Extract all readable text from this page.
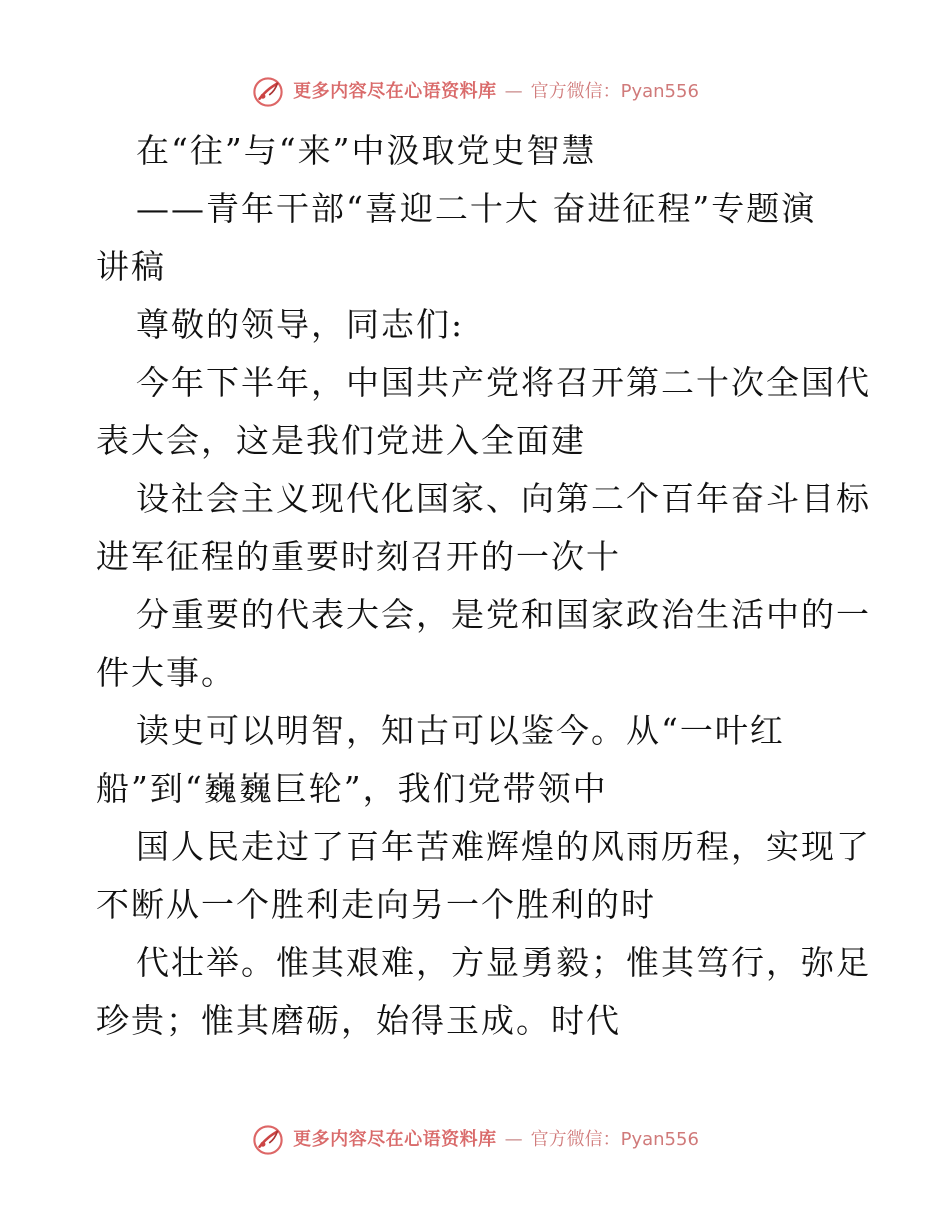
更多内容尽在心语资料库 — 官方微信：Pyan556

在“往”与“来”中汲取党史智慧

——青年干部“喜迎二十大 奋进征程”专题演

讲稿

尊敬的领导，同志们:

今年下半年，中国共产党将召开第二十次全国代

表大会，这是我们党进入全面建

设社会主义现代化国家、向第二个百年奋斗目标

进军征程的重要时刻召开的一次十

分重要的代表大会，是党和国家政治生活中的一

件大事。

读史可以明智，知古可以鉴今。从“一叶红

船”到“巍巍巨轮”，我们党带领中

国人民走过了百年苦难辉煌的风雨历程，实现了

不断从一个胜利走向另一个胜利的时

代壮举。惟其艰难，方显勇毅；惟其笃行，弥足

珍贵；惟其磨砺，始得玉成。时代

更多内容尽在心语资料库 — 官方微信：Pyan556
